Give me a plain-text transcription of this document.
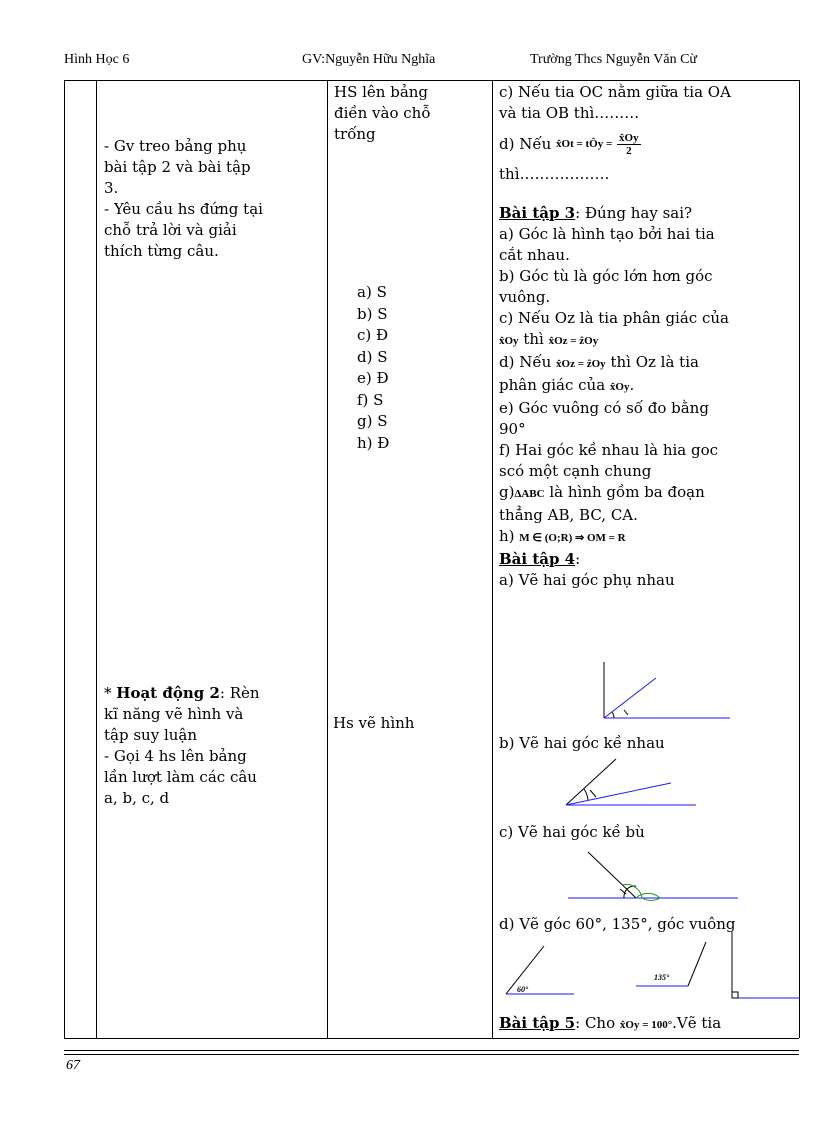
Hình Học 6	GV:Nguyễn Hữu Nghĩa	Trường Thcs Nguyễn Văn Cừ
- Gv treo bảng phụ
bài tập 2 và bài tập
3.
- Yêu cầu hs đứng tại
chỗ trả lời và giải
thích từng câu.
* Hoạt động 2: Rèn
kĩ năng vẽ hình và
tập suy luận
- Gọi 4 hs lên bảng
lần lượt làm các câu
a, b, c, d
HS lên bảng
điền vào chỗ
trống
a) S
b) S
c) Đ
d) S
e) Đ
f) S
g) S
h) Đ
Hs vẽ hình
c) Nếu tia OC nằm giữa tia OA
và tia OB thì………
d) Nếu
x̂Ot = tÔy =
$\frac{x̂Oy}{2}$
thì………………
Bài tập 3: Đúng hay sai?
a) Góc là hình tạo bởi hai tia
cắt nhau.
b) Góc tù là góc lớn hơn góc
vuông.
c) Nếu Oz là tia phân giác của
x̂Oy thì x̂Oz = ẑOy
d) Nếu x̂Oz = ẑOy thì Oz là tia
phân giác của x̂Oy.
e) Góc vuông có số đo bằng
90°
f) Hai góc kề nhau là hia goc
scó một cạnh chung
g)ΔABC là hình gồm ba đoạn
thẳng AB, BC, CA.
h) M ∈ (O;R) ⇒ OM = R
Bài tập 4:
a) Vẽ hai góc phụ nhau
b) Vẽ hai góc kề nhau
c) Vẽ hai góc kề bù
d) Vẽ góc 60°, 135°, góc vuông
Bài tập 5: Cho x̂Oy = 100°.Vẽ tia
60°
135°
67
